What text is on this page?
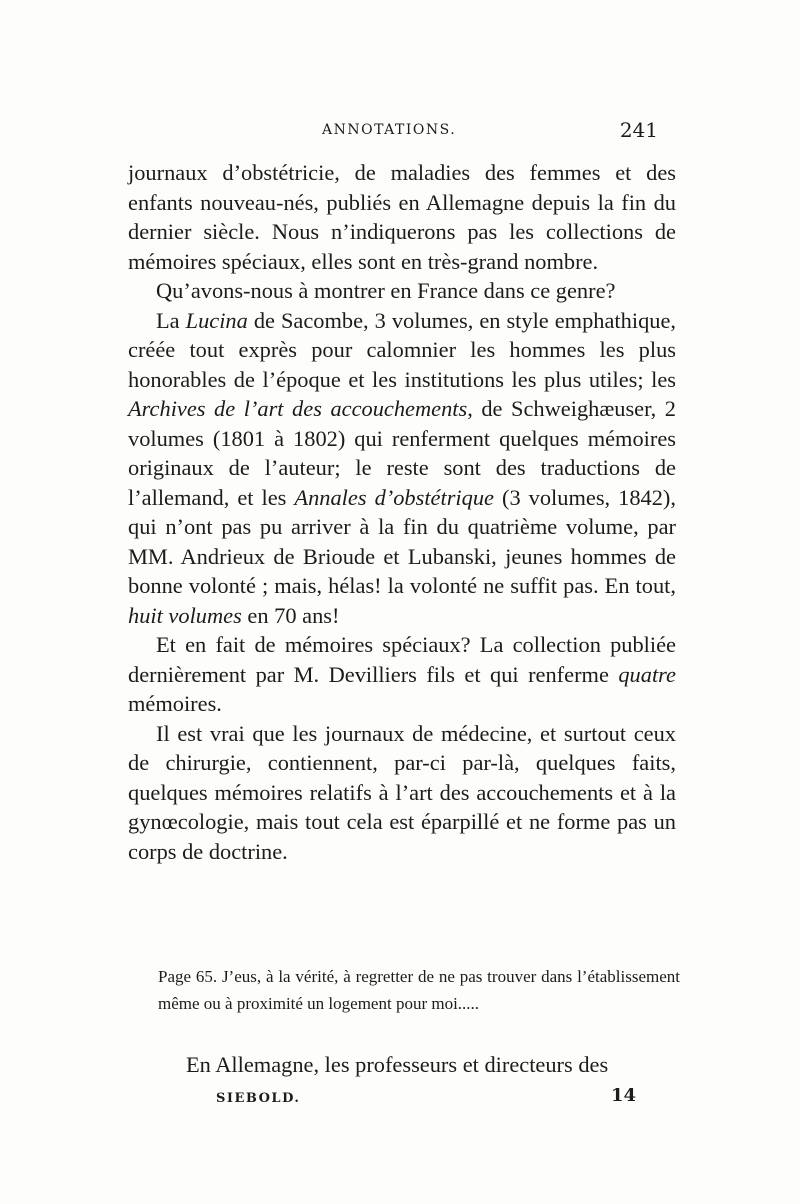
ANNOTATIONS.	241

journaux d’obstétricie, de maladies des femmes et des enfants nouveau-nés, publiés en Allemagne depuis la fin du dernier siècle. Nous n’indiquerons pas les collections de mémoires spéciaux, elles sont en très-grand nombre.

Qu’avons-nous à montrer en France dans ce genre?

La Lucina de Sacombe, 3 volumes, en style emphathique, créée tout exprès pour calomnier les hommes les plus honorables de l’époque et les institutions les plus utiles; les Archives de l’art des accouchements, de Schweighæuser, 2 volumes (1801 à 1802) qui renferment quelques mémoires originaux de l’auteur; le reste sont des traductions de l’allemand, et les Annales d’obstétrique (3 volumes, 1842), qui n’ont pas pu arriver à la fin du quatrième volume, par MM. Andrieux de Brioude et Lubanski, jeunes hommes de bonne volonté ; mais, hélas! la volonté ne suffit pas. En tout, huit volumes en 70 ans!

Et en fait de mémoires spéciaux? La collection publiée dernièrement par M. Devilliers fils et qui renferme quatre mémoires.

Il est vrai que les journaux de médecine, et surtout ceux de chirurgie, contiennent, par-ci par-là, quelques faits, quelques mémoires relatifs à l’art des accouchements et à la gynœcologie, mais tout cela est éparpillé et ne forme pas un corps de doctrine.

Page 65. J’eus, à la vérité, à regretter de ne pas trouver dans l’établissement même ou à proximité un logement pour moi.....
En Allemagne, les professeurs et directeurs des
SIEBOLD.	14
